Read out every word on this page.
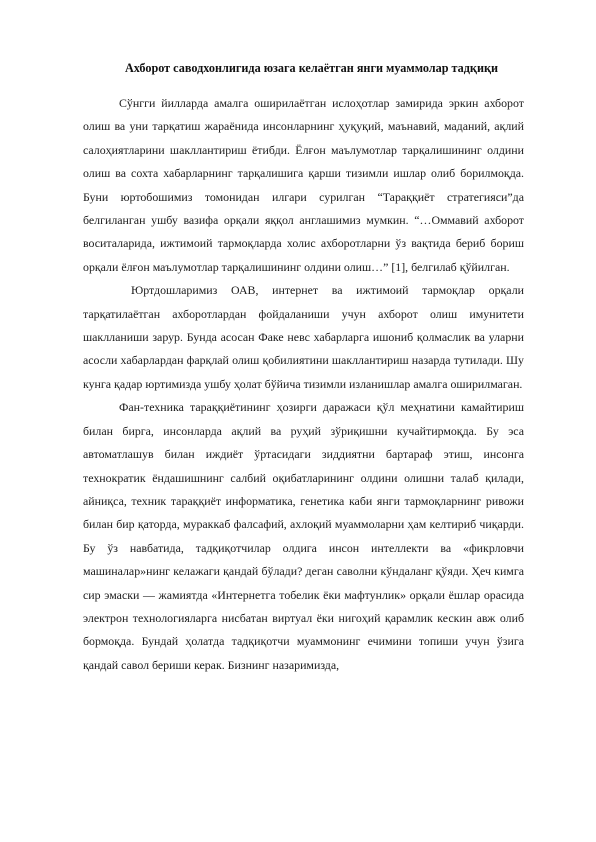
Ахборот саводхонлигида юзага келаётган янги муаммолар тадқиқи

Сўнгги йилларда амалга оширилаётган ислоҳотлар замирида эркин ахборот олиш ва уни тарқатиш жараёнида инсонларнинг ҳуқуқий, маънавий, маданий, ақлий салоҳиятларини шакллантириш ётибди. Ёлғон маълумотлар тарқалишининг олдини олиш ва сохта хабарларнинг тарқалишига қарши тизимли ишлар олиб борилмоқда. Буни юртобошимиз томонидан илгари сурилган “Тараққиёт стратегияси”да белгиланган ушбу вазифа орқали яққол англашимиз мумкин. “…Оммавий ахборот воситаларида, ижтимоий тармоқларда холис ахборотларни ўз вақтида бериб бориш орқали ёлғон маълумотлар тарқалишининг олдини олиш…” [1], белгилаб қўйилган.

Юртдошларимиз ОАВ, интернет ва ижтимоий тармоқлар орқали тарқатилаётган ахборотлардан фойдаланиши учун ахборот олиш имунитети шаклланиши зарур. Бунда асосан Факе невс хабарларга ишониб қолмаслик ва уларни асосли хабарлардан фарқлай олиш қобилиятини шакллантириш назарда тутилади. Шу кунга қадар юртимизда ушбу ҳолат бўйича тизимли изланишлар амалга оширилмаган.

Фан-техника тараққиётининг ҳозирги даражаси қўл меҳнатини камайтириш билан бирга, инсонларда ақлий ва руҳий зўриқишни кучайтирмоқда. Бу эса автоматлашув билан иждиёт ўртасидаги зиддиятни бартараф этиш, инсонга технократик ёндашишнинг салбий оқибатларининг олдини олишни талаб қилади, айниқса, техник тараққиёт информатика, генетика каби янги тармоқларнинг ривожи билан бир қаторда, мураккаб фалсафий, ахлоқий муаммоларни ҳам келтириб чиқарди. Бу ўз навбатида, тадқиқотчилар олдига инсон интеллекти ва «фикрловчи машиналар»нинг келажаги қандай бўлади? деган саволни кўндаланг қўяди. Ҳеч кимга сир эмаски — жамиятда «Интернетга тобелик ёки мафтунлик» орқали ёшлар орасида электрон технологияларга нисбатан виртуал ёки нигоҳий қарамлик кескин авж олиб бормоқда. Бундай ҳолатда тадқиқотчи муаммонинг ечимини топиши учун ўзига қандай савол бериши керак. Бизнинг назаримизда,
